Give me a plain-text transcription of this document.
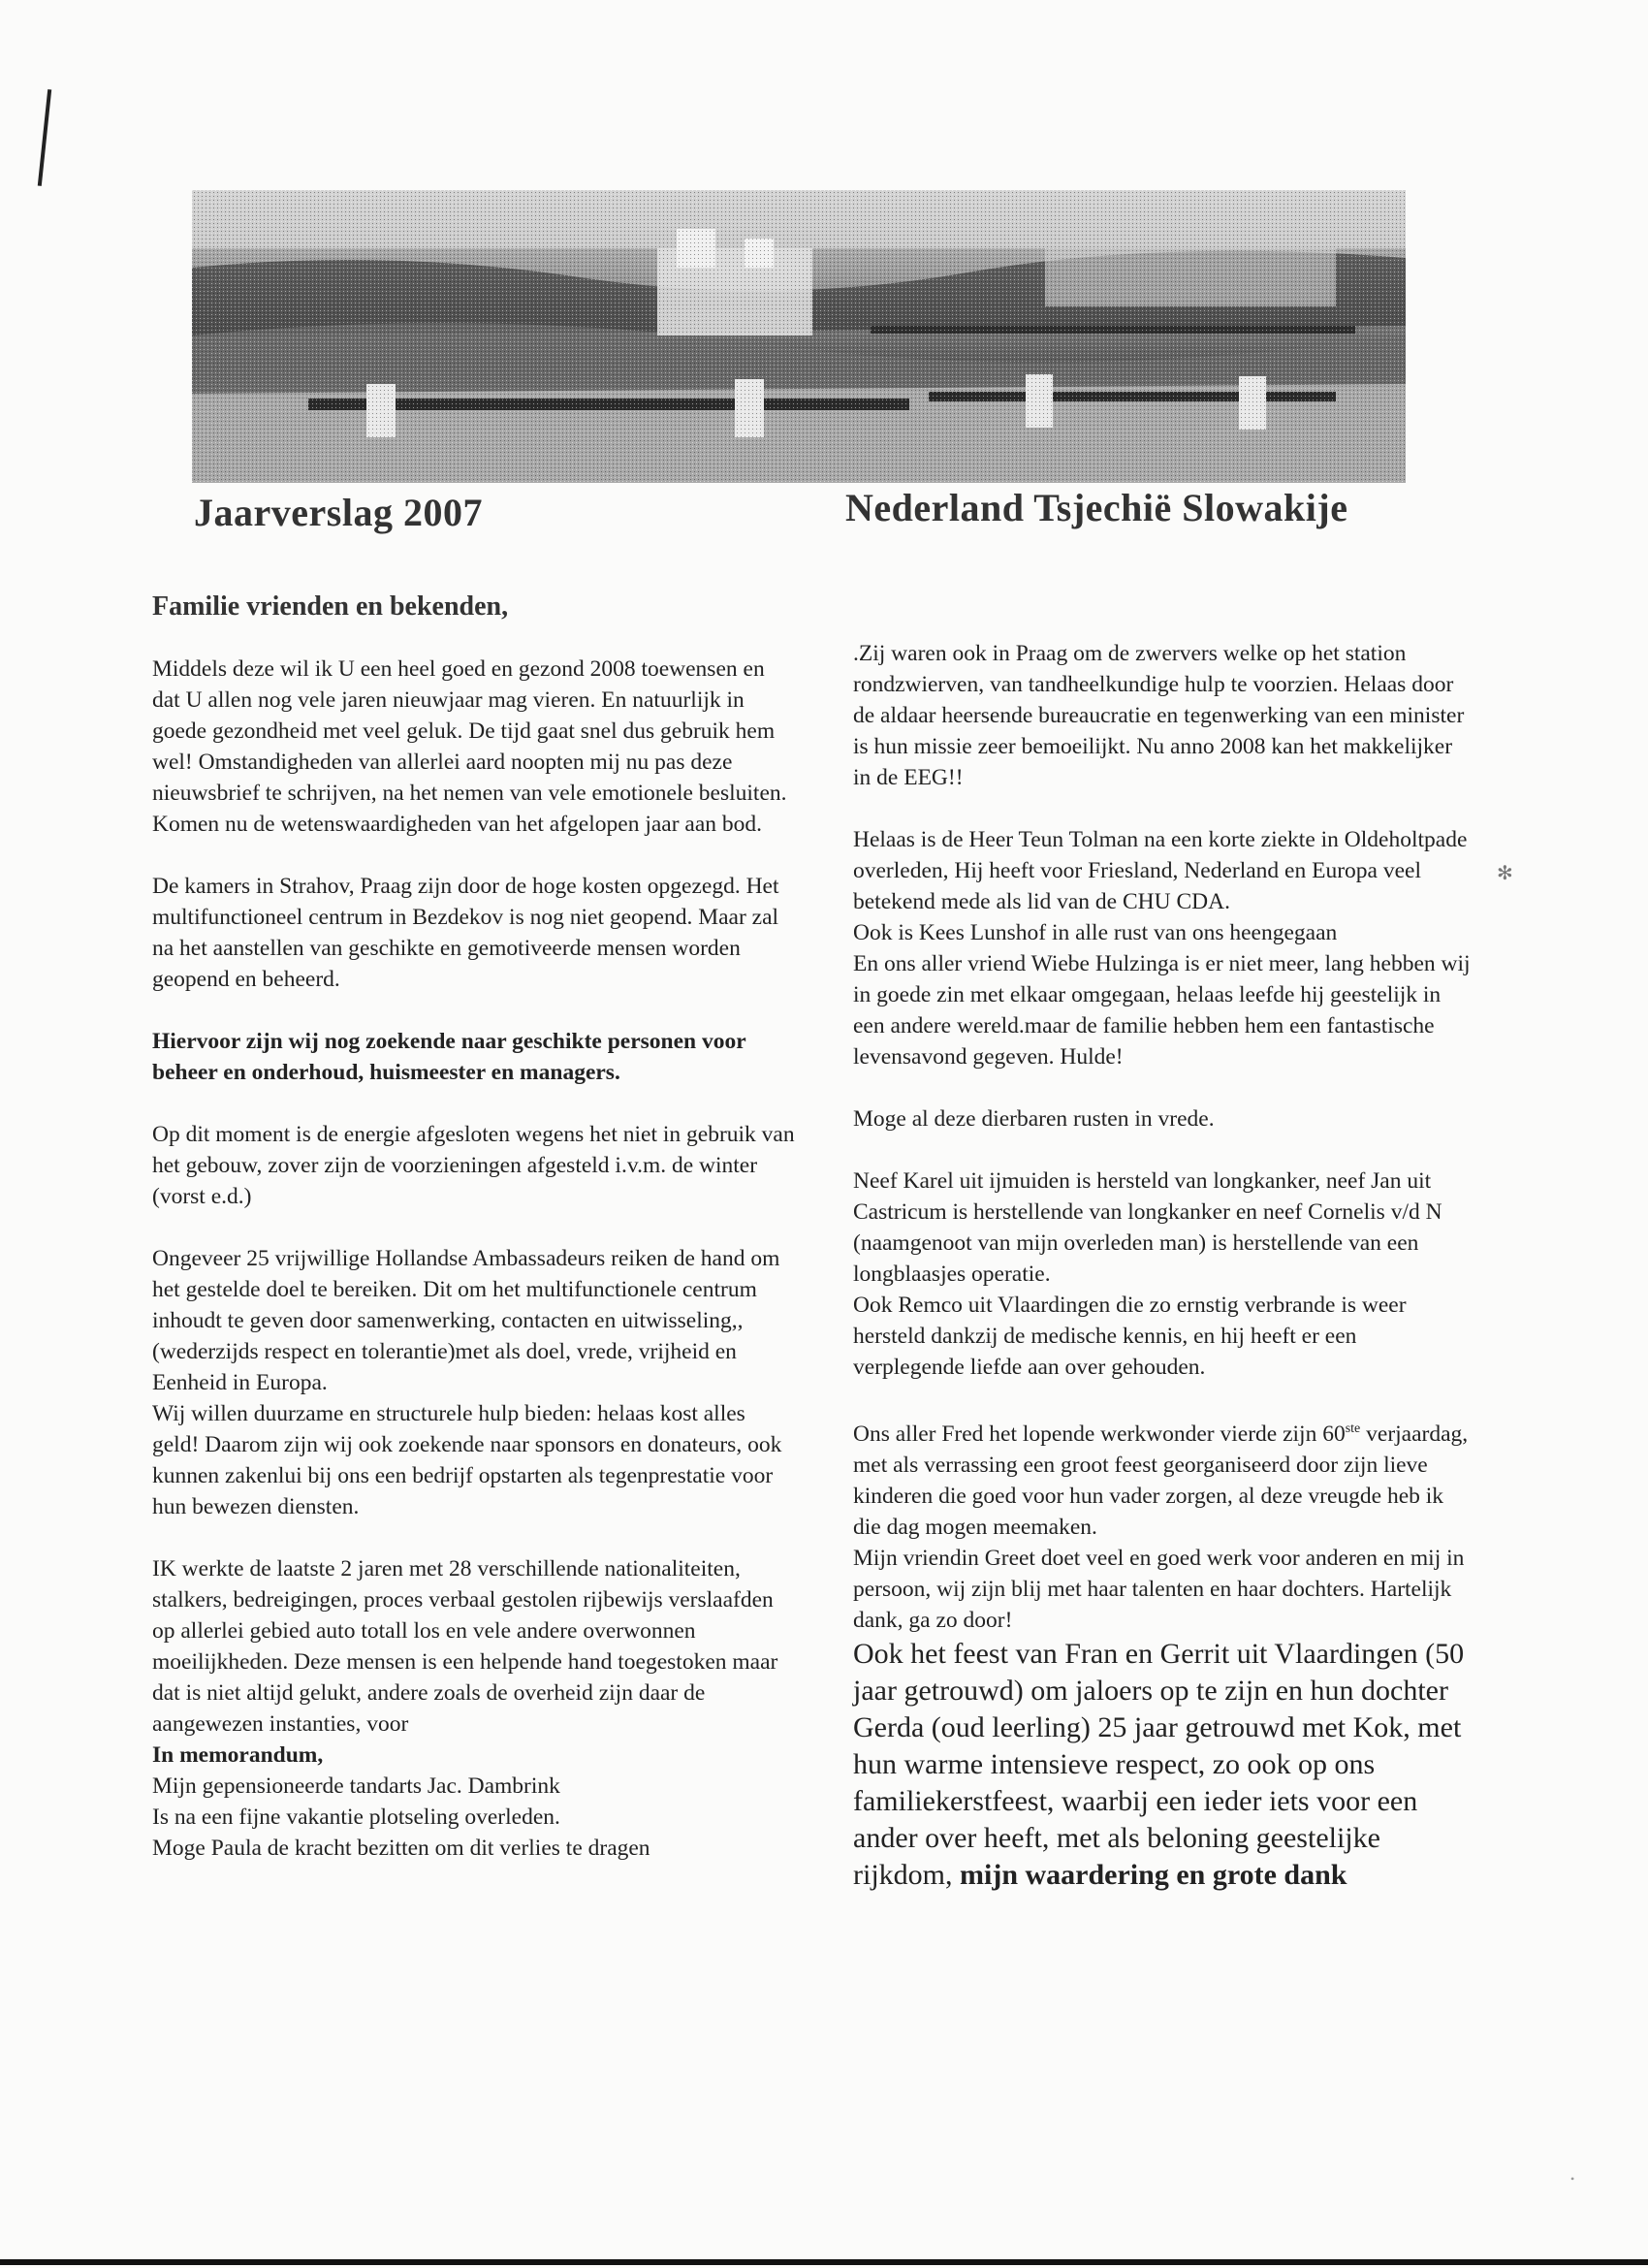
Jaarverslag 2007	Nederland Tsjechië Slowakije
Familie vrienden en bekenden,

Middels deze wil ik U een heel goed en gezond 2008 toewensen en dat U allen nog vele jaren nieuwjaar mag vieren. En natuurlijk in goede gezondheid met veel geluk. De tijd gaat snel dus gebruik hem wel! Omstandigheden van allerlei aard noopten mij nu pas deze nieuwsbrief te schrijven, na het nemen van vele emotionele besluiten. Komen nu de wetenswaardigheden van het afgelopen jaar aan bod.

De kamers in Strahov, Praag zijn door de hoge kosten opgezegd. Het multifunctioneel centrum in Bezdekov is nog niet geopend. Maar zal na het aanstellen van geschikte en gemotiveerde mensen worden geopend en beheerd.

Hiervoor zijn wij nog zoekende naar geschikte personen voor beheer en onderhoud, huismeester en managers.

Op dit moment is de energie afgesloten wegens het niet in gebruik van het gebouw, zover zijn de voorzieningen afgesteld i.v.m. de winter (vorst e.d.)

Ongeveer 25 vrijwillige Hollandse Ambassadeurs reiken de hand om het gestelde doel te bereiken. Dit om het multifunctionele centrum inhoudt te geven door samenwerking, contacten en uitwisseling,,(wederzijds respect en tolerantie)met als doel, vrede, vrijheid en Eenheid in Europa.

Wij willen duurzame en structurele hulp bieden: helaas kost alles geld! Daarom zijn wij ook zoekende naar sponsors en donateurs, ook kunnen zakenlui bij ons een bedrijf opstarten als tegenprestatie voor hun bewezen diensten.

IK werkte de laatste 2 jaren met 28 verschillende nationaliteiten, stalkers, bedreigingen, proces verbaal gestolen rijbewijs verslaafden op allerlei gebied auto totall los en vele andere overwonnen moeilijkheden. Deze mensen is een helpende hand toegestoken maar dat is niet altijd gelukt, andere zoals de overheid zijn daar de aangewezen instanties, voor

In memorandum,

Mijn gepensioneerde tandarts Jac. Dambrink

Is na een fijne vakantie plotseling overleden.

Moge Paula de kracht bezitten om dit verlies te dragen

.Zij waren ook in Praag om de zwervers welke op het station rondzwierven, van tandheelkundige hulp te voorzien. Helaas door de aldaar heersende bureaucratie en tegenwerking van een minister is hun missie zeer bemoeilijkt. Nu anno 2008 kan het makkelijker in de EEG!!

Helaas is de Heer Teun Tolman na een korte ziekte in Oldeholtpade overleden, Hij heeft voor Friesland, Nederland en Europa veel betekend mede als lid van de CHU CDA.

Ook is Kees Lunshof in alle rust van ons heengegaan

En ons aller vriend Wiebe Hulzinga is er niet meer, lang hebben wij in goede zin met elkaar omgegaan, helaas leefde hij geestelijk in een andere wereld.maar de familie hebben hem een fantastische levensavond gegeven. Hulde!

Moge al deze dierbaren rusten in vrede.

Neef Karel uit ijmuiden is hersteld van longkanker, neef Jan uit Castricum is herstellende van longkanker en neef Cornelis v/d N (naamgenoot van mijn overleden man) is herstellende van een longblaasjes operatie.

Ook Remco uit Vlaardingen die zo ernstig verbrande is weer hersteld dankzij de medische kennis, en hij heeft er een verplegende liefde aan over gehouden.

Ons aller Fred het lopende werkwonder vierde zijn 60ste verjaardag, met als verrassing een groot feest georganiseerd door zijn lieve kinderen die goed voor hun vader zorgen, al deze vreugde heb ik die dag mogen meemaken.

Mijn vriendin Greet doet veel en goed werk voor anderen en mij in persoon, wij zijn blij met haar talenten en haar dochters. Hartelijk dank, ga zo door!

Ook het feest van Fran en Gerrit uit Vlaardingen (50 jaar getrouwd) om jaloers op te zijn en hun dochter Gerda (oud leerling) 25 jaar getrouwd met Kok, met hun warme intensieve respect, zo ook op ons familiekerstfeest, waarbij een ieder iets voor een ander over heeft, met als beloning geestelijke rijkdom, mijn waardering en grote dank

✻
•
